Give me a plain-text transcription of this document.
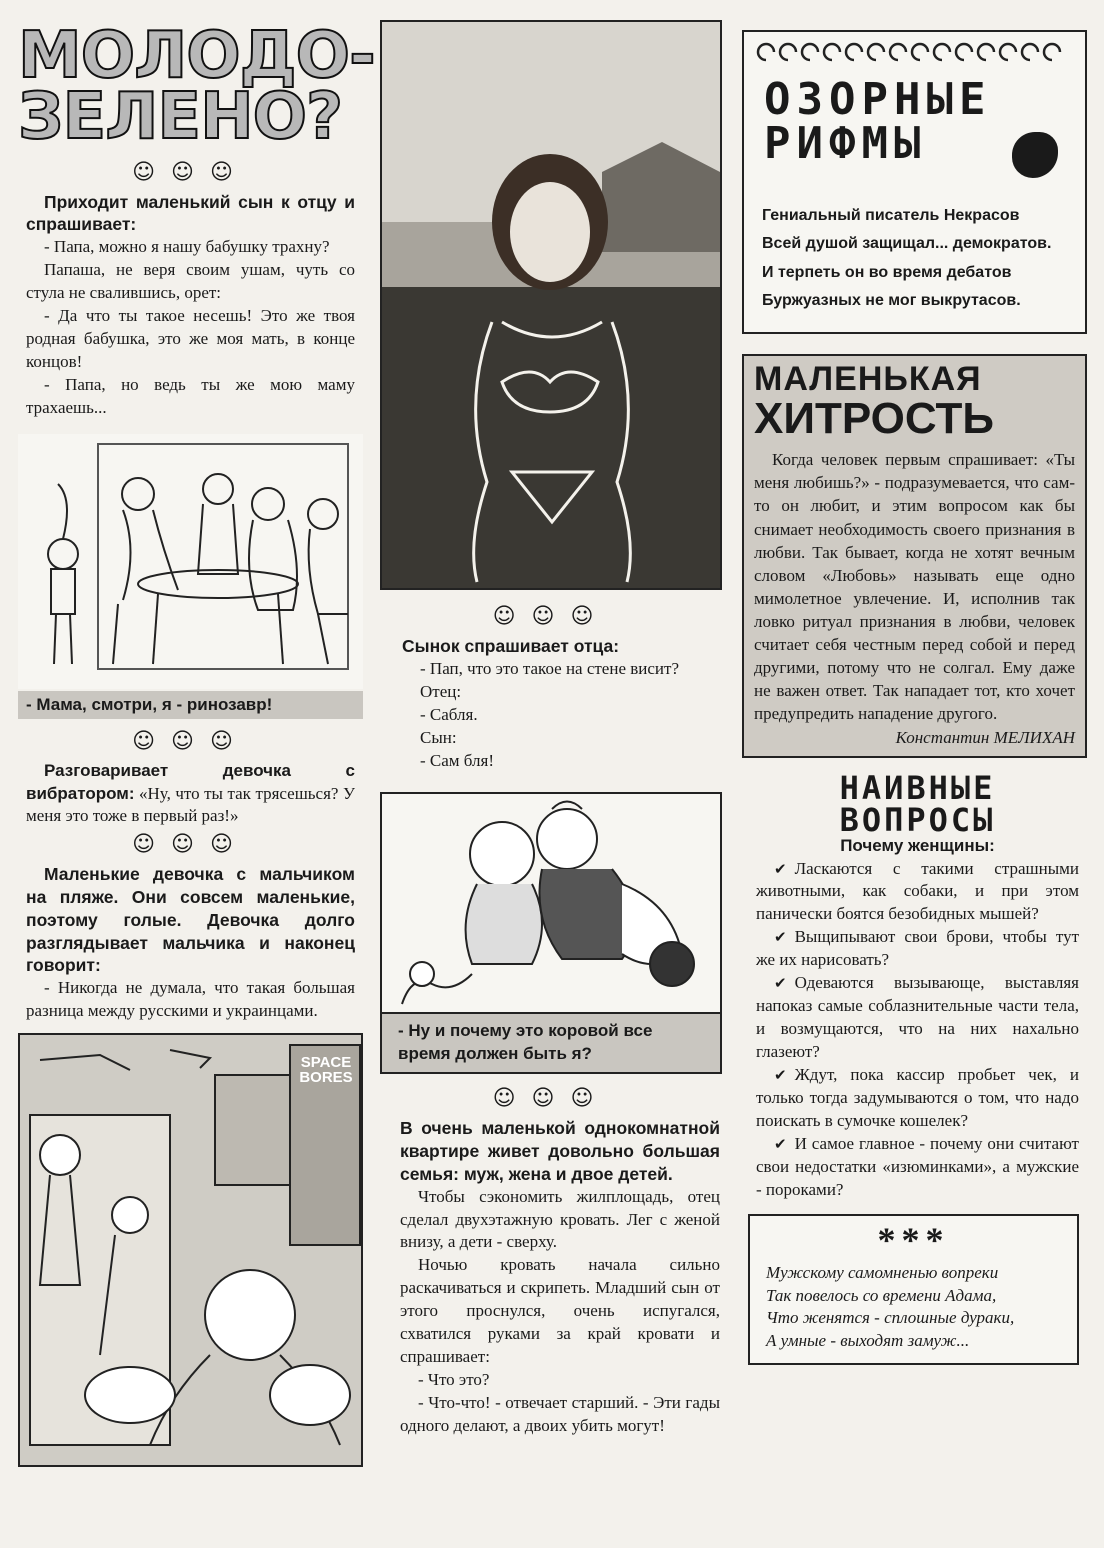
МОЛОДО-
ЗЕЛЕНО?
☺☺☺

Приходит маленький сын к отцу и спрашивает:

- Папа, можно я нашу бабушку трахну?

Папаша, не веря своим ушам, чуть со стула не свалившись, орет:

- Да что ты такое несешь! Это же твоя родная бабушка, это же моя мать, в конце концов!

- Папа, но ведь ты же мою маму трахаешь...

- Мама, смотри, я - ринозавр!
☺☺☺

Разговаривает девочка с вибратором: «Ну, что ты так трясешься? У меня это тоже в первый раз!»

☺☺☺

Маленькие девочка с мальчиком на пляже. Они совсем маленькие, поэтому голые. Девочка долго разглядывает мальчика и наконец говорит:

- Никогда не думала, что такая большая разница между русскими и украинцами.

SPACE BORES
☺☺☺

Сынок спрашивает отца:

- Пап, что это такое на стене висит?

Отец:

- Сабля.

Сын:

- Сам бля!

- Ну и почему это коровой все время должен быть я?
☺☺☺

В очень маленькой однокомнатной квартире живет довольно большая семья: муж, жена и двое детей.

Чтобы сэкономить жилплощадь, отец сделал двухэтажную кровать. Лег с женой внизу, а дети - сверху.

Ночью кровать начала сильно раскачиваться и скрипеть. Младший сын от этого проснулся, очень испугался, схватился руками за край кровати и спрашивает:

- Что это?

- Что-что! - отвечает старший. - Эти гады одного делают, а двоих убить могут!

ОЗОРНЫЕ
РИФМЫ
Гениальный писатель Некрасов
Всей душой защищал... демократов.
И терпеть он во время дебатов
Буржуазных не мог выкрутасов.
МАЛЕНЬКАЯ
ХИТРОСТЬ

Когда человек первым спрашивает: «Ты меня любишь?» - подразумевается, что сам-то он любит, и этим вопросом как бы снимает необходимость своего признания в любви. Так бывает, когда не хотят вечным словом «Любовь» называть еще одно мимолетное увлечение. И, исполнив так ловко ритуал признания в любви, человек считает себя честным перед собой и перед другими, потому что не солгал. Ему даже не важен ответ. Так нападает тот, кто хочет предупредить нападение другого.

Константин МЕЛИХАН
НАИВНЫЕ
ВОПРОСЫ
Почему женщины:

✔ Ласкаются с такими страшными животными, как собаки, и при этом панически боятся безобидных мышей?

✔ Выщипывают свои брови, чтобы тут же их нарисовать?

✔ Одеваются вызывающе, выставляя напоказ самые соблазнительные части тела, и возмущаются, что на них нахально глазеют?

✔ Ждут, пока кассир пробьет чек, и только тогда задумываются о том, что надо поискать в сумочке кошелек?

✔ И самое главное - почему они считают свои недостатки «изюминками», а мужские - пороками?

***
Мужскому самомненью вопреки
Так повелось со времени Адама,
Что женятся - сплошные дураки,
А умные - выходят замуж...
